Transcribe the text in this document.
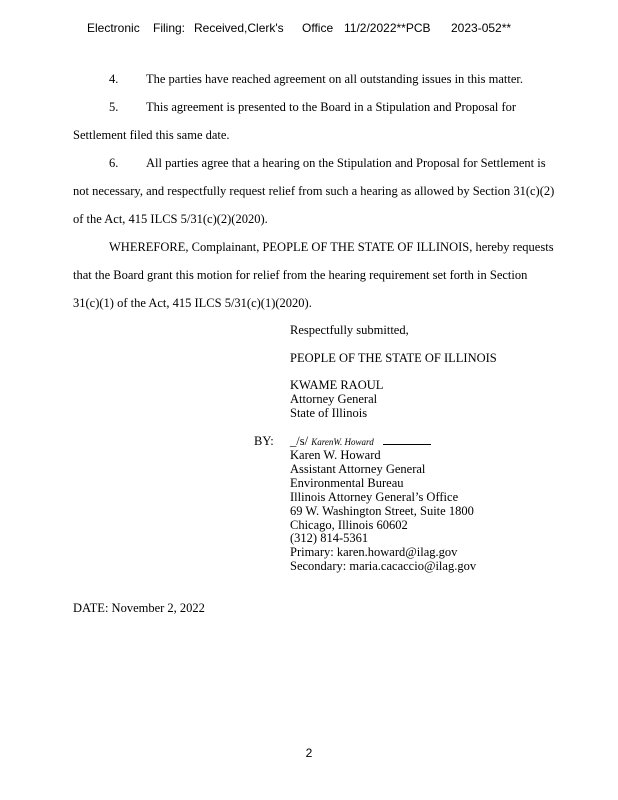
Electronic Filing: Received,Clerk's Office 11/2/2022**PCB 2023-052**
4. The parties have reached agreement on all outstanding issues in this matter.
5. This agreement is presented to the Board in a Stipulation and Proposal for
Settlement filed this same date.
6. All parties agree that a hearing on the Stipulation and Proposal for Settlement is
not necessary, and respectfully request relief from such a hearing as allowed by Section 31(c)(2)
of the Act, 415 ILCS 5/31(c)(2)(2020).
WHEREFORE, Complainant, PEOPLE OF THE STATE OF ILLINOIS, hereby requests
that the Board grant this motion for relief from the hearing requirement set forth in Section
31(c)(1) of the Act, 415 ILCS 5/31(c)(1)(2020).
Respectfully submitted,
PEOPLE OF THE STATE OF ILLINOIS
KWAME RAOUL
Attorney General
State of Illinois
BY: _/s/ KarenW. Howard
Karen W. Howard
Assistant Attorney General
Environmental Bureau
Illinois Attorney General’s Office
69 W. Washington Street, Suite 1800
Chicago, Illinois 60602
(312) 814-5361
Primary: karen.howard@ilag.gov
Secondary: maria.cacaccio@ilag.gov
DATE: November 2, 2022
2
